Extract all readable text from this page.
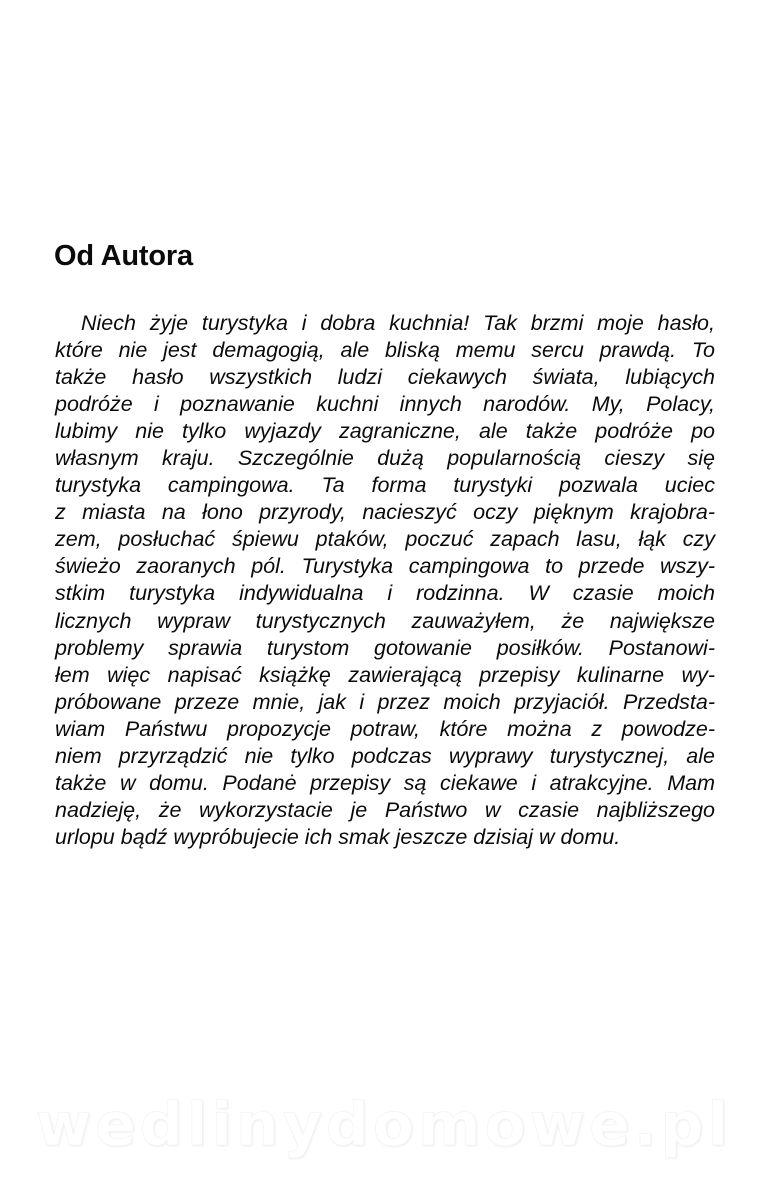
Od Autora
Niech żyje turystyka i dobra kuchnia! Tak brzmi moje hasło,
które nie jest demagogią, ale bliską memu sercu prawdą. To
także hasło wszystkich ludzi ciekawych świata, lubiących
podróże i poznawanie kuchni innych narodów. My, Polacy,
lubimy nie tylko wyjazdy zagraniczne, ale także podróże po
własnym kraju. Szczególnie dużą popularnością cieszy się
turystyka campingowa. Ta forma turystyki pozwala uciec
z miasta na łono przyrody, nacieszyć oczy pięknym krajobra-
zem, posłuchać śpiewu ptaków, poczuć zapach lasu, łąk czy
świeżo zaoranych pól. Turystyka campingowa to przede wszy-
stkim turystyka indywidualna i rodzinna. W czasie moich
licznych wypraw turystycznych zauważyłem, że największe
problemy sprawia turystom gotowanie posiłków. Postanowi-
łem więc napisać książkę zawierającą przepisy kulinarne wy-
próbowane przeze mnie, jak i przez moich przyjaciół. Przedsta-
wiam Państwu propozycje potraw, które można z powodze-
niem przyrządzić nie tylko podczas wyprawy turystycznej, ale
także w domu. Podanė przepisy są ciekawe i atrakcyjne. Mam
nadzieję, że wykorzystacie je Państwo w czasie najbliższego
urlopu bądź wypróbujecie ich smak jeszcze dzisiaj w domu.
wedlinydomowe.pl
